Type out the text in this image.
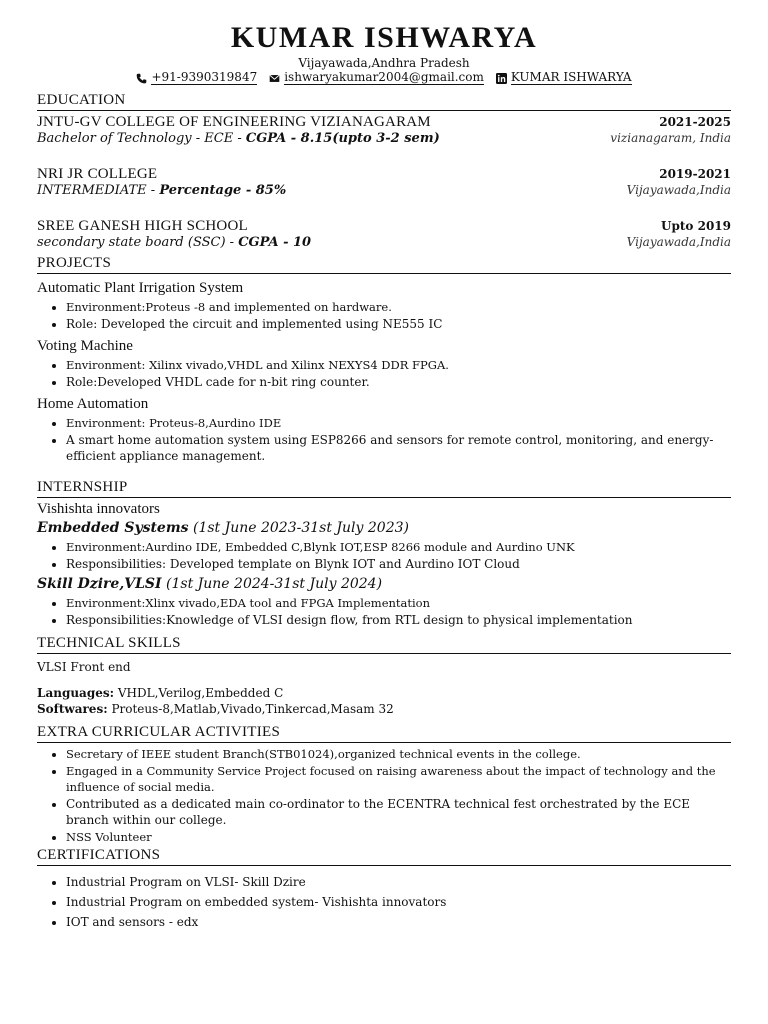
KUMAR ISHWARYA
Vijayawada,Andhra Pradesh
+91-9390319847 ishwaryakumar2004@gmail.com KUMAR ISHWARYA
EDUCATION
JNTU-GV COLLEGE OF ENGINEERING VIZIANAGARAM	2021-2025
Bachelor of Technology - ECE - CGPA - 8.15(upto 3-2 sem)	vizianagaram, India
NRI JR COLLEGE	2019-2021
INTERMEDIATE - Percentage - 85%	Vijayawada,India
SREE GANESH HIGH SCHOOL	Upto 2019
secondary state board (SSC) - CGPA - 10	Vijayawada,India
PROJECTS
Automatic Plant Irrigation System
• Environment:Proteus -8 and implemented on hardware.
• Role: Developed the circuit and implemented using NE555 IC
Voting Machine
• Environment: Xilinx vivado,VHDL and Xilinx NEXYS4 DDR FPGA.
• Role:Developed VHDL cade for n-bit ring counter.
Home Automation
• Environment: Proteus-8,Aurdino IDE
• A smart home automation system using ESP8266 and sensors for remote control, monitoring, and energy-efficient appliance management.
INTERNSHIP
Vishishta innovators
Embedded Systems (1st June 2023-31st July 2023)
• Environment:Aurdino IDE, Embedded C,Blynk IOT,ESP 8266 module and Aurdino UNK
• Responsibilities: Developed template on Blynk IOT and Aurdino IOT Cloud
Skill Dzire,VLSI (1st June 2024-31st July 2024)
• Environment:Xlinx vivado,EDA tool and FPGA Implementation
• Responsibilities:Knowledge of VLSI design flow, from RTL design to physical implementation
TECHNICAL SKILLS
VLSI Front end
Languages: VHDL,Verilog,Embedded C
Softwares: Proteus-8,Matlab,Vivado,Tinkercad,Masam 32
EXTRA CURRICULAR ACTIVITIES
• Secretary of IEEE student Branch(STB01024),organized technical events in the college.
• Engaged in a Community Service Project focused on raising awareness about the impact of technology and the influence of social media.
• Contributed as a dedicated main co-ordinator to the ECENTRA technical fest orchestrated by the ECE branch within our college.
• NSS Volunteer
CERTIFICATIONS
• Industrial Program on VLSI- Skill Dzire
• Industrial Program on embedded system- Vishishta innovators
• IOT and sensors - edx
